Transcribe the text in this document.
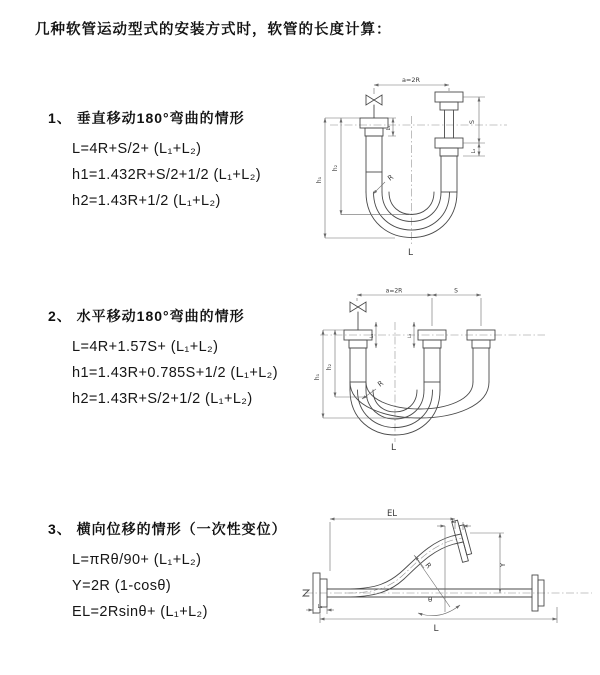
几种软管运动型式的安装方式时，软管的长度计算：
1、 垂直移动180°弯曲的情形
L=4R+S/2+ (L₁+L₂)
h1=1.432R+S/2+1/2 (L₁+L₂)
h2=1.43R+1/2 (L₁+L₂)
2、 水平移动180°弯曲的情形
L=4R+1.57S+ (L₁+L₂)
h1=1.43R+0.785S+1/2 (L₁+L₂)
h2=1.43R+S/2+1/2 (L₁+L₂)
3、 横向位移的情形（一次性变位）
L=πRθ/90+ (L₁+L₂)
Y=2R (1-cosθ)
EL=2Rsinθ+ (L₁+L₂)
a=2R
S
L₂
L₁
h₁
h₂
R
L
a=2R	S
L₁	L₂
h₁
h₂
R
L
R
θ
EL
L₂
Y
L₁
L
